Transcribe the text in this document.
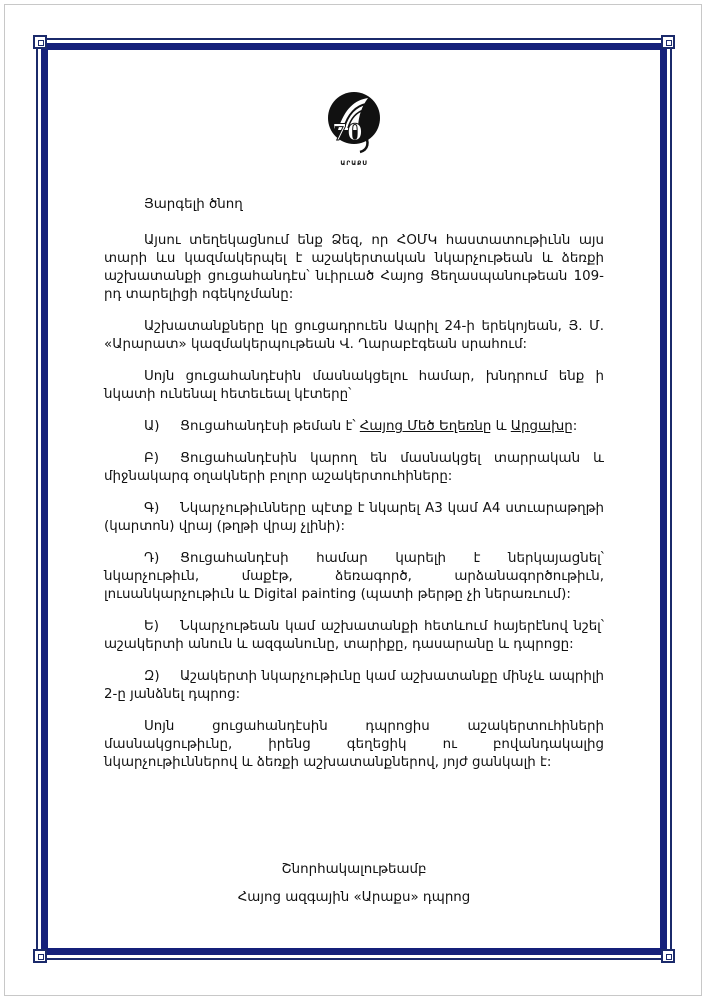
70
ԱՐԱՔՍ

Յարգելի ծնող

Այսու տեղեկացնում ենք Ձեզ, որ ՀՕՄԿ հաստատութիւնն այս տարի ևս կազմակերպել է աշակերտական նկարչութեան և ձեռքի աշխատանքի ցուցահանդէս՝ նւիրւած Հայոց Ցեղասպանութեան 109-րդ տարելիցի ոգեկոչմանը:

Աշխատանքները կը ցուցադրուեն Ապրիլ 24-ի երեկոյեան, Յ. Մ. «Արարատ» կազմակերպութեան Վ. Ղարաբէգեան սրահում:

Սոյն ցուցահանդէսին մասնակցելու համար, խնդրում ենք ի նկատի ունենալ հետեւեալ կէտերը՝

Ա) Ցուցահանդէսի թեման է՝ Հայոց Մեծ Եղեռնը և Արցախը:

Բ) Ցուցահանդէսին կարող են մասնակցել տարրական և միջնակարգ օղակների բոլոր աշակերտուհիները:

Գ) Նկարչութիւնները պէտք է նկարել A3 կամ A4 ստւարաթղթի (կարտոն) վրայ (թղթի վրայ չլինի):

Դ) Ցուցահանդէսի համար կարելի է ներկայացնել՝ նկարչութիւն, մաքէթ, ձեռագործ, արձանագործութիւն, լուսանկարչութիւն և Digital painting (պատի թերթը չի ներառւում):

Ե) Նկարչութեան կամ աշխատանքի հետևում հայերէնով նշել՝ աշակերտի անուն և ազգանունը, տարիքը, դասարանը և դպրոցը:

Զ) Աշակերտի նկարչութիւնը կամ աշխատանքը մինչև ապրիլի 2-ը յանձնել դպրոց:

Սոյն ցուցահանդէսին դպրոցիս աշակերտուհիների մասնակցութիւնը, իրենց գեղեցիկ ու բովանդակալից նկարչութիւններով և ձեռքի աշխատանքներով, յոյժ ցանկալի է:

Շնորհակալութեամբ
Հայոց ազգային «Արաքս» դպրոց
